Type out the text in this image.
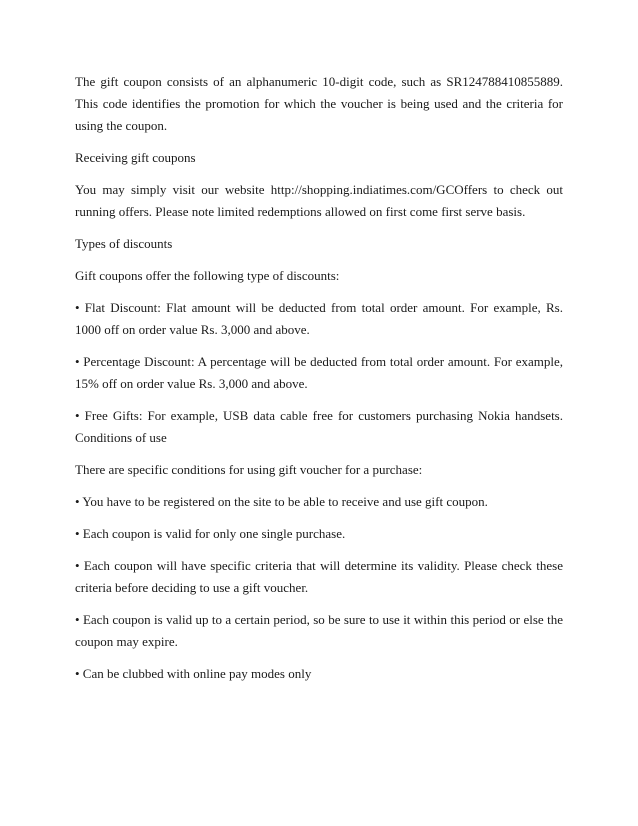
The gift coupon consists of an alphanumeric 10-digit code, such as SR124788410855889. This code identifies the promotion for which the voucher is being used and the criteria for using the coupon.

Receiving gift coupons

You may simply visit our website http://shopping.indiatimes.com/GCOffers to check out running offers. Please note limited redemptions allowed on first come first serve basis.

Types of discounts

Gift coupons offer the following type of discounts:

• Flat Discount: Flat amount will be deducted from total order amount. For example, Rs. 1000 off on order value Rs. 3,000 and above.

• Percentage Discount: A percentage will be deducted from total order amount. For example, 15% off on order value Rs. 3,000 and above.

• Free Gifts: For example, USB data cable free for customers purchasing Nokia handsets. Conditions of use

There are specific conditions for using gift voucher for a purchase:

• You have to be registered on the site to be able to receive and use gift coupon.

• Each coupon is valid for only one single purchase.

• Each coupon will have specific criteria that will determine its validity. Please check these criteria before deciding to use a gift voucher.

• Each coupon is valid up to a certain period, so be sure to use it within this period or else the coupon may expire.

• Can be clubbed with online pay modes only
